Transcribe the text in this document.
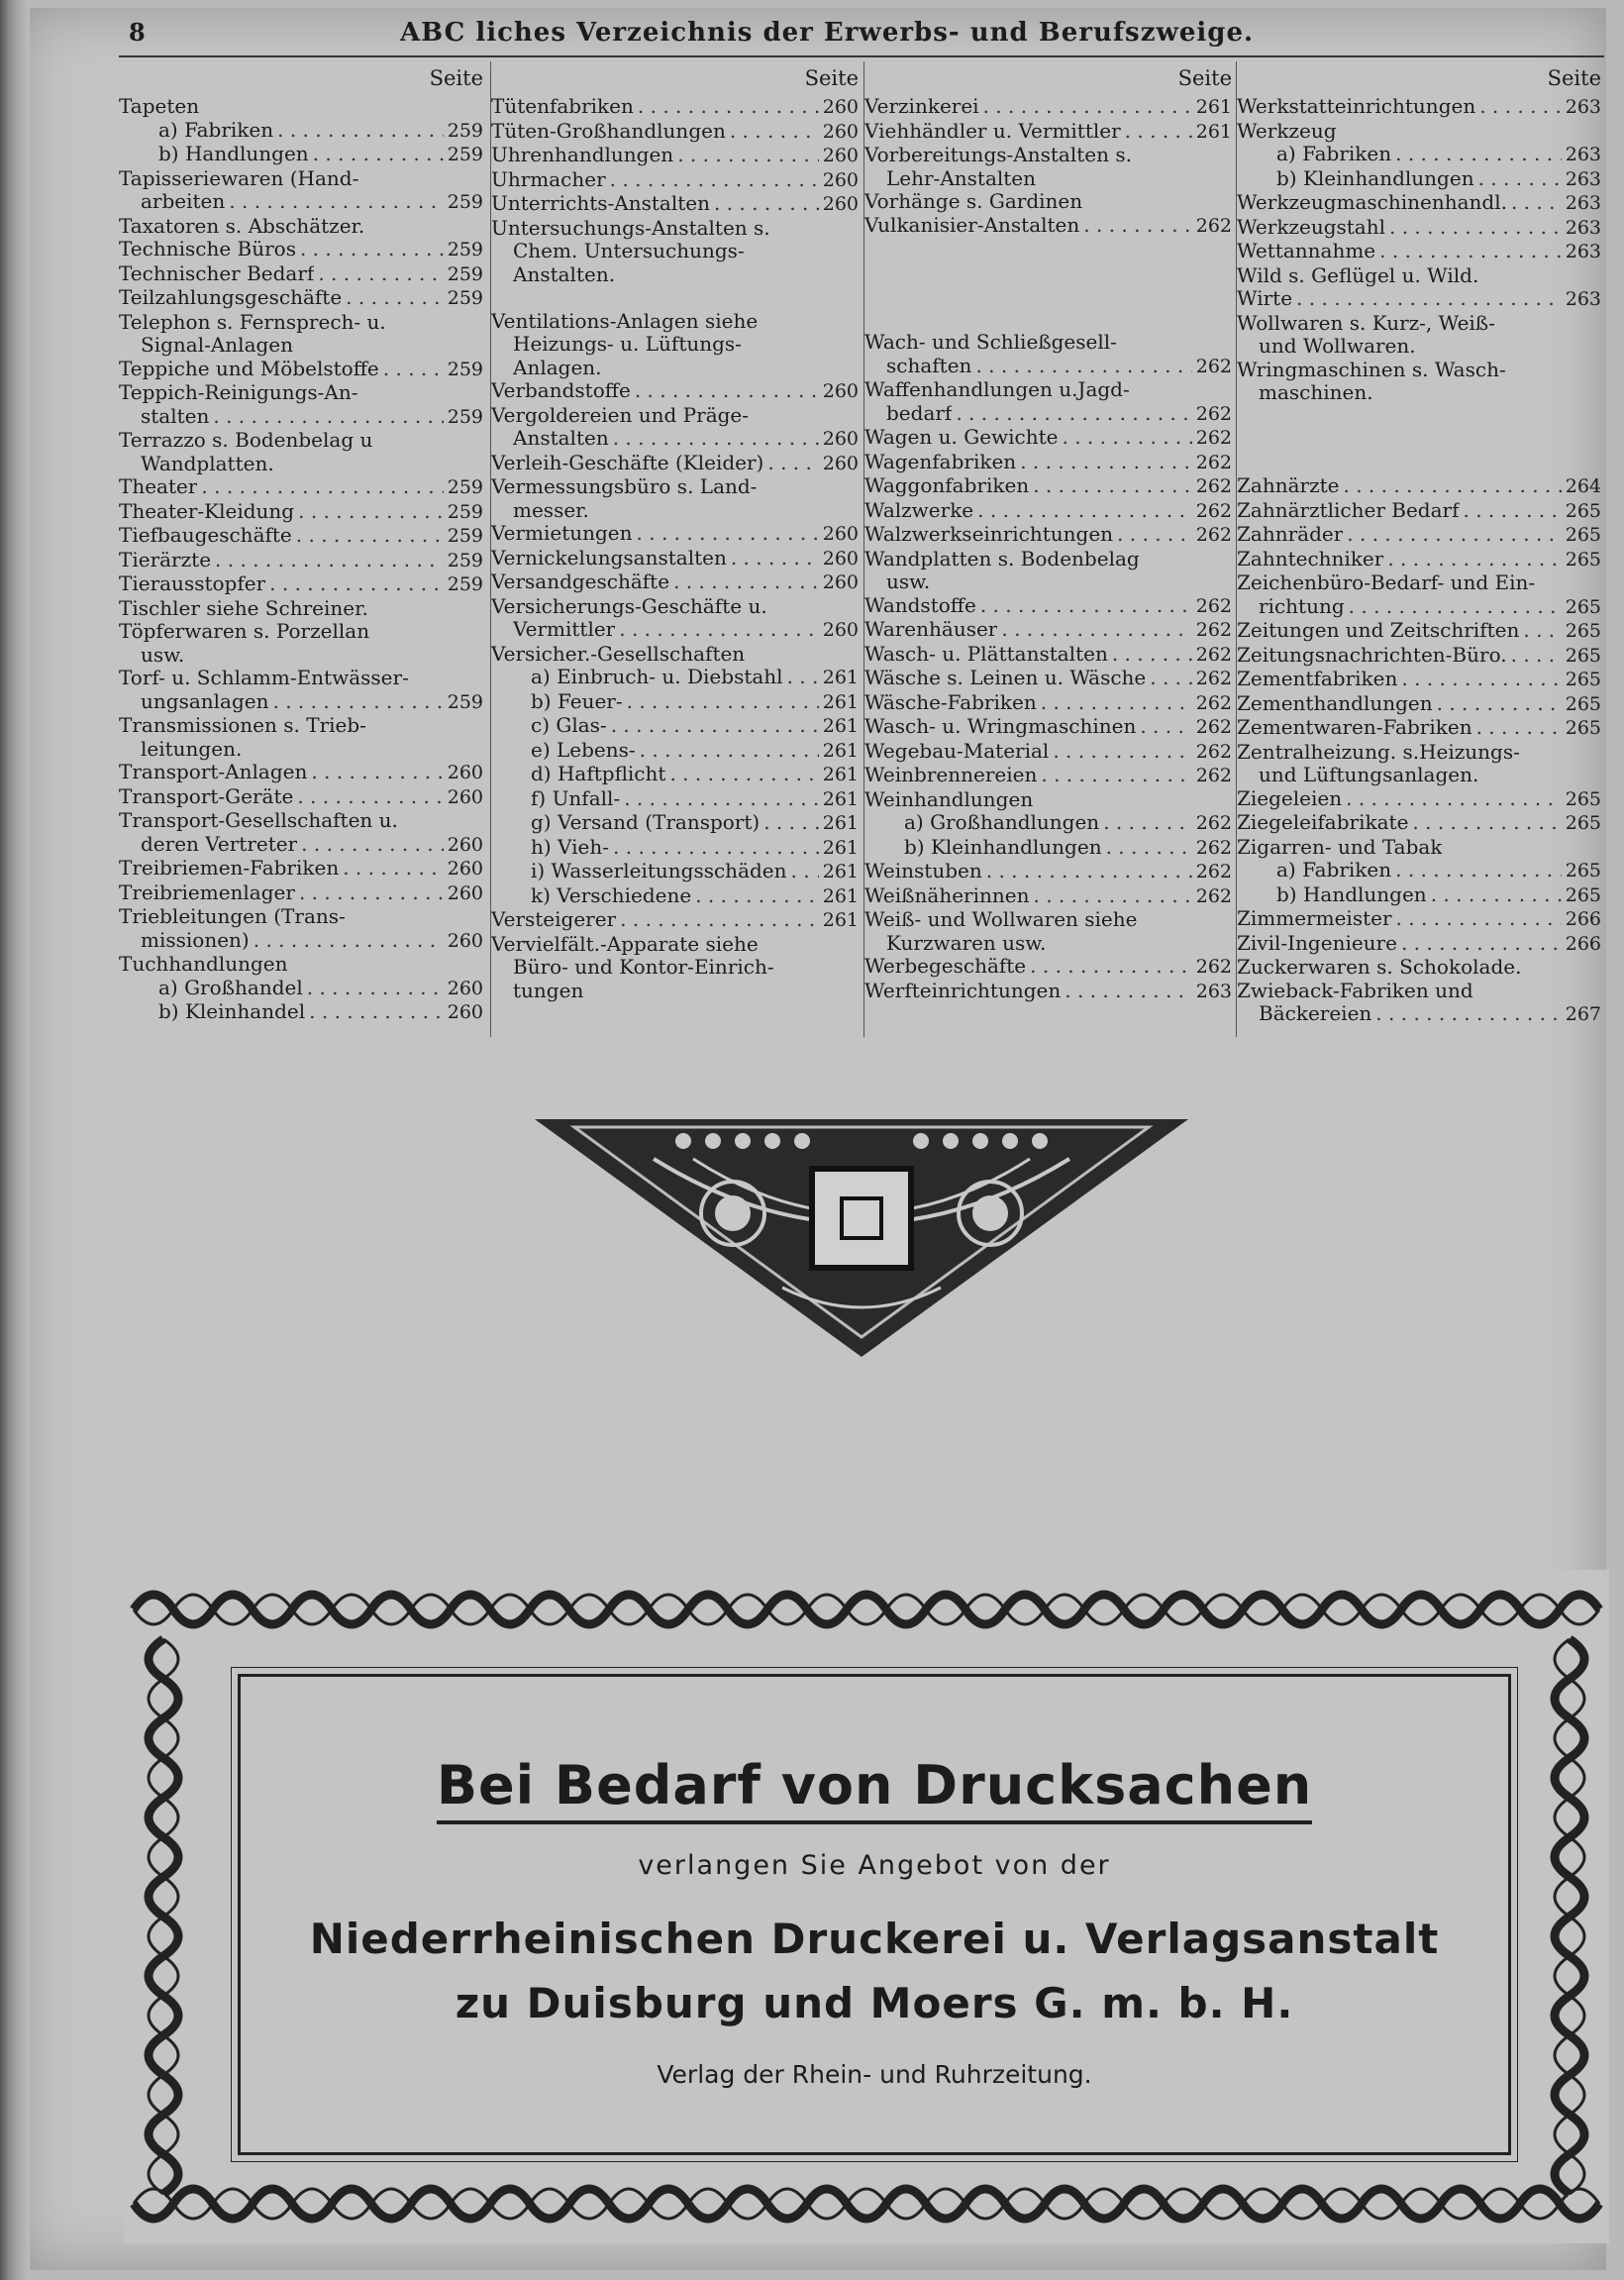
8	ABC liches Verzeichnis der Erwerbs- und Berufszweige.
Seite
Tapeten
a) Fabriken . . .	259
b) Handlungen . . .	259
Tapisseriewaren (Hand-
arbeiten . . .	259
Taxatoren s. Abschätzer.
Technische Büros . . .	259
Technischer Bedarf . . .	259
Teilzahlungsgeschäfte . . .	259
Telephon s. Fernsprech- u.
Signal-Anlagen
Teppiche und Möbelstoffe . . .	259
Teppich-Reinigungs-An-
stalten . . .	259
Terrazzo s. Bodenbelag u
Wandplatten.
Theater . . .	259
Theater-Kleidung . . .	259
Tiefbaugeschäfte . . .	259
Tierärzte . . .	259
Tierausstopfer . . .	259
Tischler siehe Schreiner.
Töpferwaren s. Porzellan
usw.
Torf- u. Schlamm-Entwässer-
ungsanlagen . . .	259
Transmissionen s. Trieb-
leitungen.
Transport-Anlagen . . .	260
Transport-Geräte . . .	260
Transport-Gesellschaften u.
deren Vertreter . . .	260
Treibriemen-Fabriken . . .	260
Treibriemenlager . . .	260
Triebleitungen (Trans-
missionen) . . .	260
Tuchhandlungen
a) Großhandel . . .	260
b) Kleinhandel . . .	260
Seite
Tütenfabriken . . .	260
Tüten-Großhandlungen . . .	260
Uhrenhandlungen . . .	260
Uhrmacher . . .	260
Unterrichts-Anstalten . . .	260
Untersuchungs-Anstalten s.
Chem. Untersuchungs-
Anstalten.
Ventilations-Anlagen siehe
Heizungs- u. Lüftungs-
Anlagen.
Verbandstoffe . . .	260
Vergoldereien und Präge-
Anstalten . . .	260
Verleih-Geschäfte (Kleider) . . .	260
Vermessungsbüro s. Land-
messer.
Vermietungen . . .	260
Vernickelungsanstalten . . .	260
Versandgeschäfte . . .	260
Versicherungs-Geschäfte u.
Vermittler . . .	260
Versicher.-Gesellschaften
a) Einbruch- u. Diebstahl . . . 261
b) Feuer- . . .	261
c) Glas- . . .	261
e) Lebens- . . .	261
d) Haftpflicht . . .	261
f) Unfall- . . .	261
g) Versand (Transport) . . .	261
h) Vieh- . . .	261
i) Wasserleitungsschäden . . . 261
k) Verschiedene . . .	261
Versteigerer . . .	261
Vervielfält.-Apparate siehe
Büro- und Kontor-Einrich-
tungen
Seite
Verzinkerei . . .	261
Viehhändler u. Vermittler . . .	261
Vorbereitungs-Anstalten s.
Lehr-Anstalten
Vorhänge s. Gardinen
Vulkanisier-Anstalten . . .	262

Wach- und Schließgesell-
schaften . . .	262
Waffenhandlungen u.Jagd-
bedarf . . .	262
Wagen u. Gewichte . . .	262
Wagenfabriken . . .	262
Waggonfabriken . . .	262
Walzwerke . . .	262
Walzwerkseinrichtungen . . .	262
Wandplatten s. Bodenbelag
usw.
Wandstoffe . . .	262
Warenhäuser . . .	262
Wasch- u. Plättanstalten . . .	262
Wäsche s. Leinen u. Wäsche . . .	262
Wäsche-Fabriken . . .	262
Wasch- u. Wringmaschinen . . .	262
Wegebau-Material . . .	262
Weinbrennereien . . .	262
Weinhandlungen
a) Großhandlungen . . .	262
b) Kleinhandlungen . . .	262
Weinstuben . . .	262
Weißnäherinnen . . .	262
Weiß- und Wollwaren siehe
Kurzwaren usw.
Werbegeschäfte . . .	262
Werfteinrichtungen . . .	263
Seite
Werkstatteinrichtungen . . .	263
Werkzeug
a) Fabriken . . .	263
b) Kleinhandlungen . . .	263
Werkzeugmaschinenhandl. . . .	263
Werkzeugstahl . . .	263
Wettannahme . . .	263
Wild s. Geflügel u. Wild.
Wirte . . .	263
Wollwaren s. Kurz-, Weiß-
und Wollwaren.
Wringmaschinen s. Wasch-
maschinen.

Zahnärzte . . .	264
Zahnärztlicher Bedarf . . .	265
Zahnräder . . .	265
Zahntechniker . . .	265
Zeichenbüro-Bedarf- und Ein-
richtung . . .	265
Zeitungen und Zeitschriften . . . 265
Zeitungsnachrichten-Büro. . . .	265
Zementfabriken . . .	265
Zementhandlungen . . .	265
Zementwaren-Fabriken . . .	265
Zentralheizung. s.Heizungs-
und Lüftungsanlagen.
Ziegeleien . . .	265
Ziegeleifabrikate . . .	265
Zigarren- und Tabak
a) Fabriken . . .	265
b) Handlungen . . .	265
Zimmermeister . . .	266
Zivil-Ingenieure . . .	266
Zuckerwaren s. Schokolade.
Zwieback-Fabriken und
Bäckereien . . .	267
Bei Bedarf von Drucksachen
verlangen Sie Angebot von der
Niederrheinischen Druckerei u. Verlagsanstalt
zu Duisburg und Moers G. m. b. H.
Verlag der Rhein- und Ruhrzeitung.
